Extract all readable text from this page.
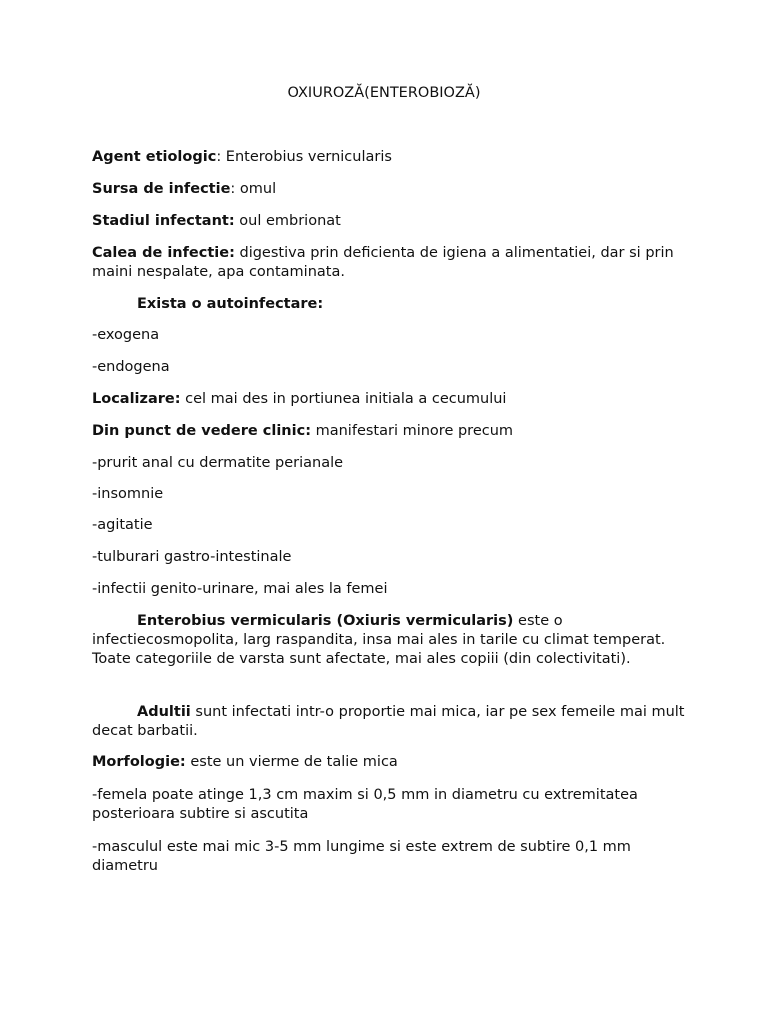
OXIUROZĂ(ENTEROBIOZĂ)

Agent etiologic: Enterobius vernicularis

Sursa de infectie: omul

Stadiul infectant: oul embrionat

Calea de infectie: digestiva prin deficienta de igiena a alimentatiei, dar si prin maini nespalate, apa contaminata.

Exista o autoinfectare:

-exogena

-endogena

Localizare: cel mai des in portiunea initiala a cecumului

Din punct de vedere clinic: manifestari minore precum

-prurit anal cu dermatite perianale

-insomnie

-agitatie

-tulburari gastro-intestinale

-infectii genito-urinare, mai ales la femei

Enterobius vermicularis (Oxiuris vermicularis) este o infectiecosmopolita, larg raspandita, insa mai ales in tarile cu climat temperat. Toate categoriile de varsta sunt afectate, mai ales copiii (din colectivitati).

Adultii sunt infectati intr-o proportie mai mica, iar pe sex femeile mai mult decat barbatii.

Morfologie: este un vierme de talie mica

-femela poate atinge 1,3 cm maxim si 0,5 mm in diametru cu extremitatea posterioara subtire si ascutita

-masculul este mai mic 3-5 mm lungime si este extrem de subtire 0,1 mm diametru
